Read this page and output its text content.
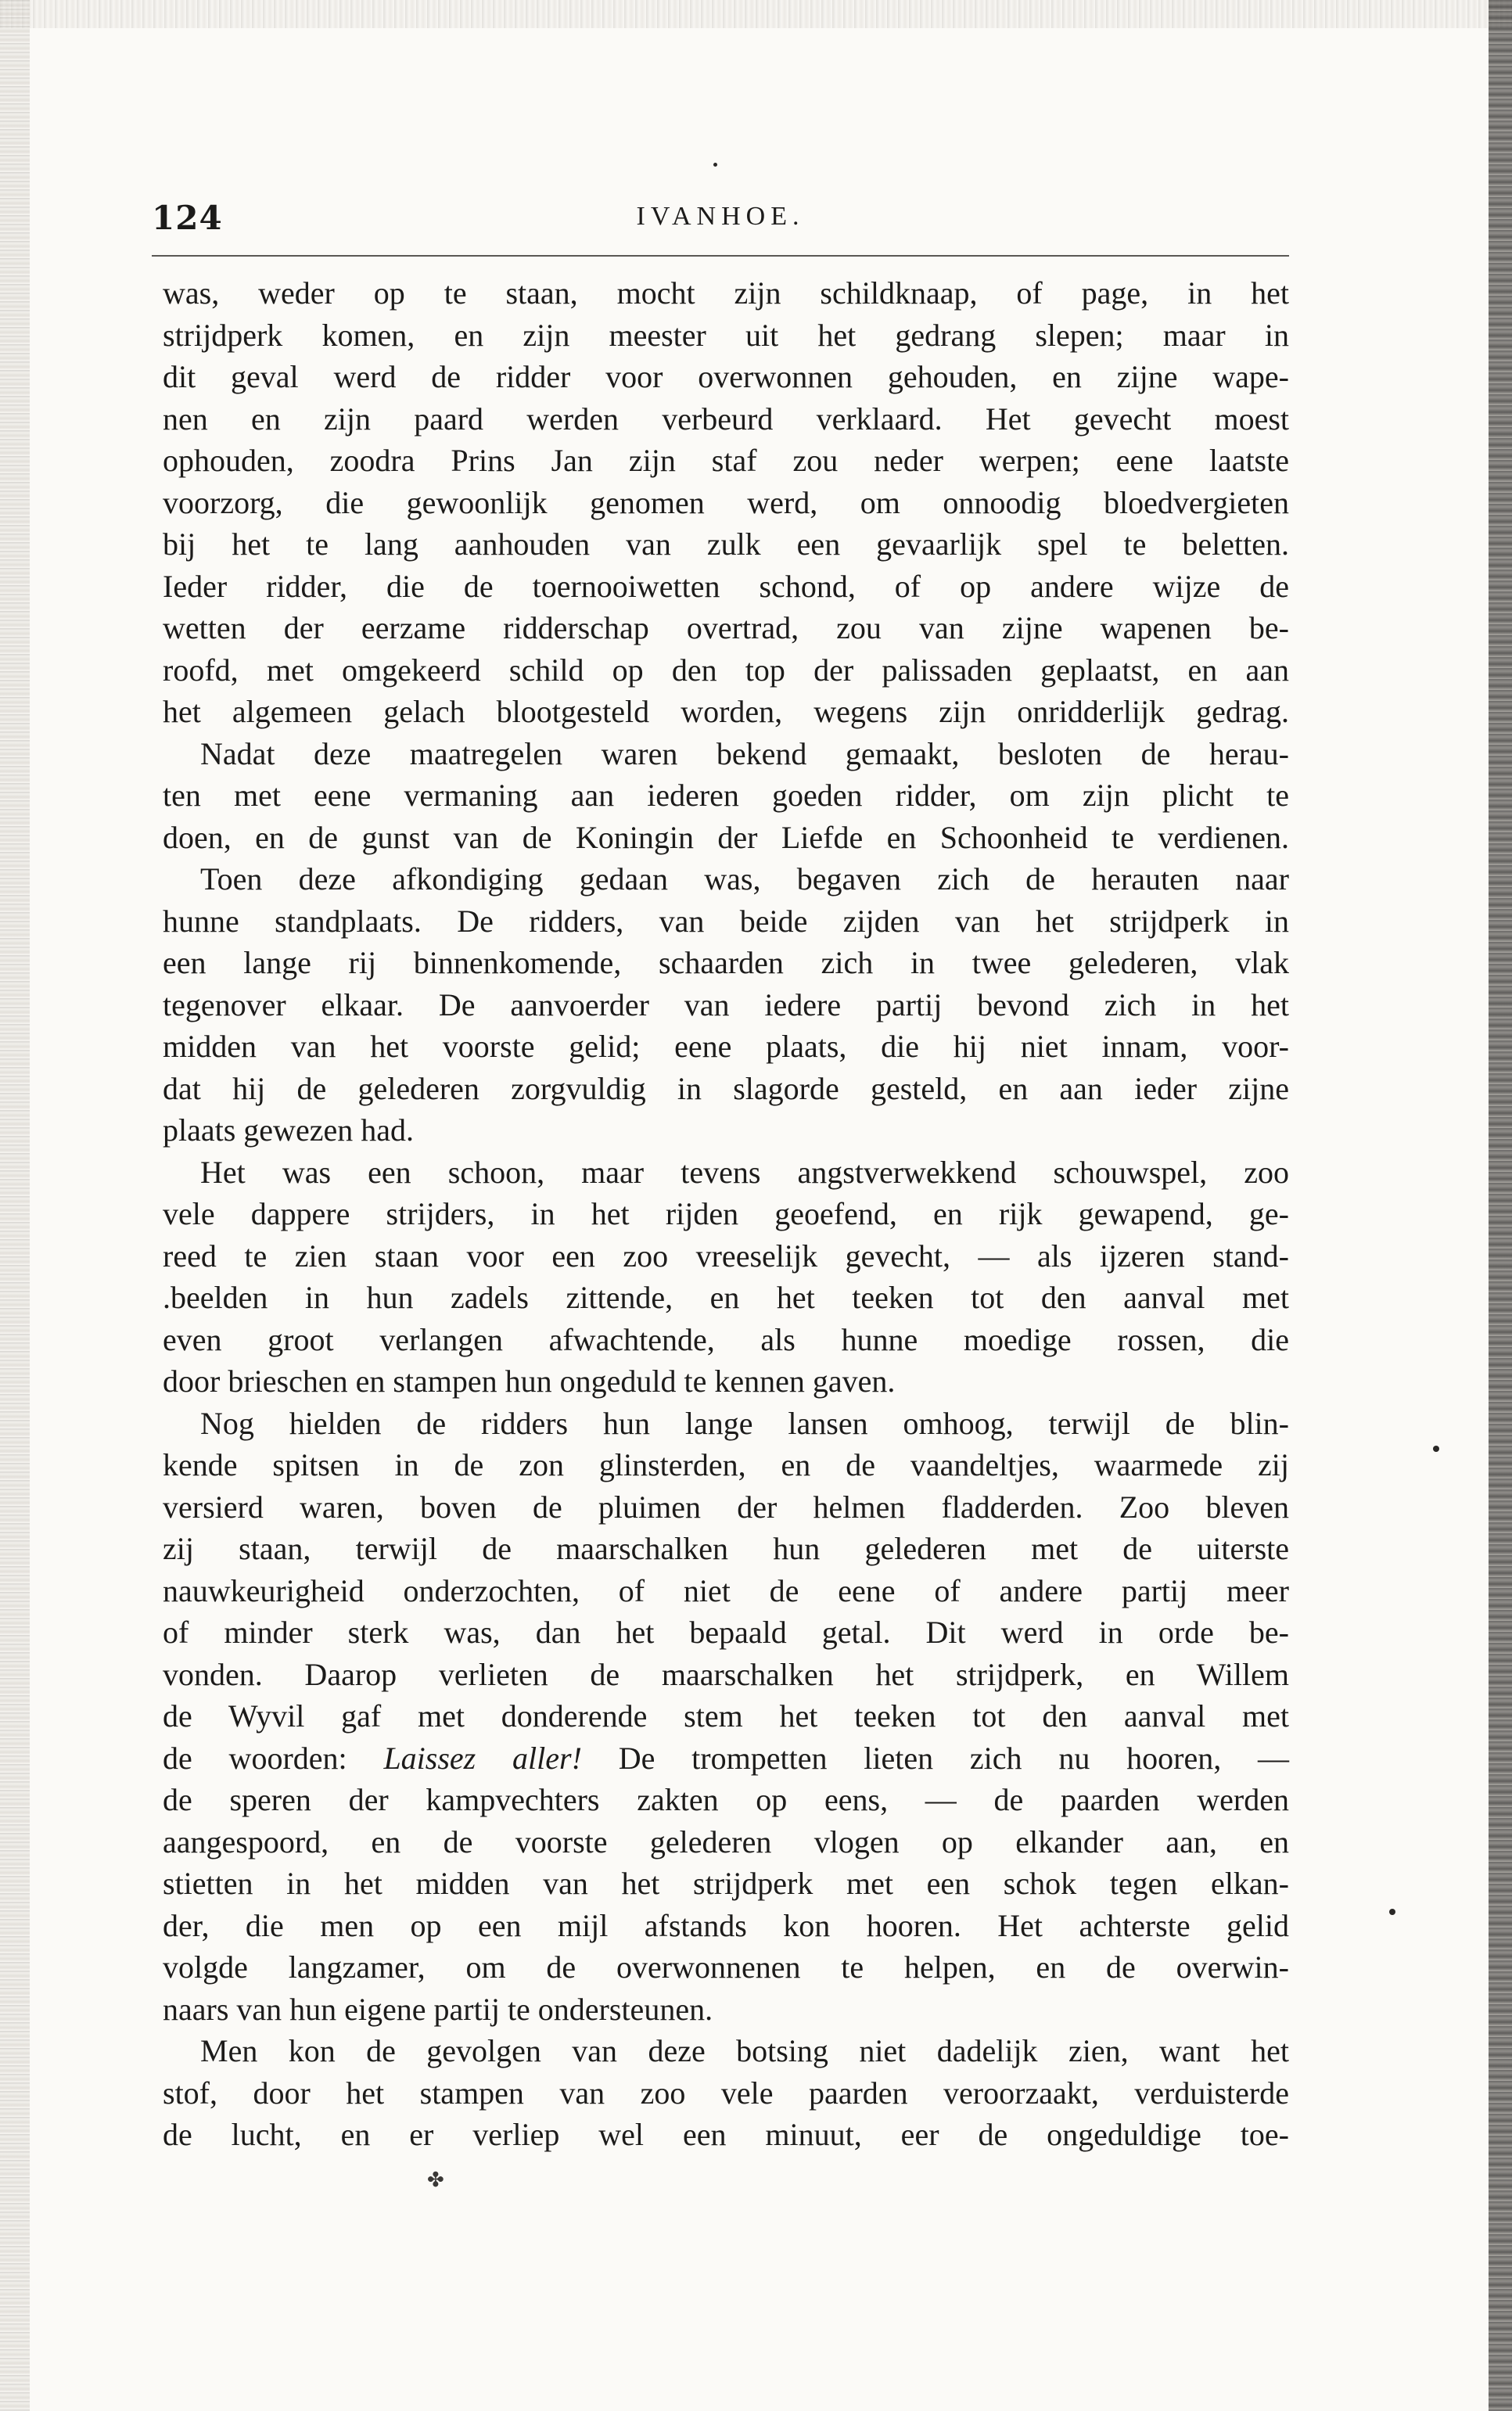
124	IVANHOE.
was, weder op te staan, mocht zijn schildknaap, of page, in het
strijdperk komen, en zijn meester uit het gedrang slepen; maar in
dit geval werd de ridder voor overwonnen gehouden, en zijne wape-
nen en zijn paard werden verbeurd verklaard. Het gevecht moest
ophouden, zoodra Prins Jan zijn staf zou neder werpen; eene laatste
voorzorg, die gewoonlijk genomen werd, om onnoodig bloedvergieten
bij het te lang aanhouden van zulk een gevaarlijk spel te beletten.
Ieder ridder, die de toernooiwetten schond, of op andere wijze de
wetten der eerzame ridderschap overtrad, zou van zijne wapenen be-
roofd, met omgekeerd schild op den top der palissaden geplaatst, en aan
het algemeen gelach blootgesteld worden, wegens zijn onridderlijk gedrag.
Nadat deze maatregelen waren bekend gemaakt, besloten de herau-
ten met eene vermaning aan iederen goeden ridder, om zijn plicht te
doen, en de gunst van de Koningin der Liefde en Schoonheid te verdienen.
Toen deze afkondiging gedaan was, begaven zich de herauten naar
hunne standplaats. De ridders, van beide zijden van het strijdperk in
een lange rij binnenkomende, schaarden zich in twee gelederen, vlak
tegenover elkaar. De aanvoerder van iedere partij bevond zich in het
midden van het voorste gelid; eene plaats, die hij niet innam, voor-
dat hij de gelederen zorgvuldig in slagorde gesteld, en aan ieder zijne
plaats gewezen had.
Het was een schoon, maar tevens angstverwekkend schouwspel, zoo
vele dappere strijders, in het rijden geoefend, en rijk gewapend, ge-
reed te zien staan voor een zoo vreeselijk gevecht, — als ijzeren stand-
.beelden in hun zadels zittende, en het teeken tot den aanval met
even groot verlangen afwachtende, als hunne moedige rossen, die
door brieschen en stampen hun ongeduld te kennen gaven.
Nog hielden de ridders hun lange lansen omhoog, terwijl de blin-
kende spitsen in de zon glinsterden, en de vaandeltjes, waarmede zij
versierd waren, boven de pluimen der helmen fladderden. Zoo bleven
zij staan, terwijl de maarschalken hun gelederen met de uiterste
nauwkeurigheid onderzochten, of niet de eene of andere partij meer
of minder sterk was, dan het bepaald getal. Dit werd in orde be-
vonden. Daarop verlieten de maarschalken het strijdperk, en Willem
de Wyvil gaf met donderende stem het teeken tot den aanval met
de woorden: Laissez aller! De trompetten lieten zich nu hooren, —
de speren der kampvechters zakten op eens, — de paarden werden
aangespoord, en de voorste gelederen vlogen op elkander aan, en
stietten in het midden van het strijdperk met een schok tegen elkan-
der, die men op een mijl afstands kon hooren. Het achterste gelid
volgde langzamer, om de overwonnenen te helpen, en de overwin-
naars van hun eigene partij te ondersteunen.
Men kon de gevolgen van deze botsing niet dadelijk zien, want het
stof, door het stampen van zoo vele paarden veroorzaakt, verduisterde
de lucht, en er verliep wel een minuut, eer de ongeduldige toe-
✤
